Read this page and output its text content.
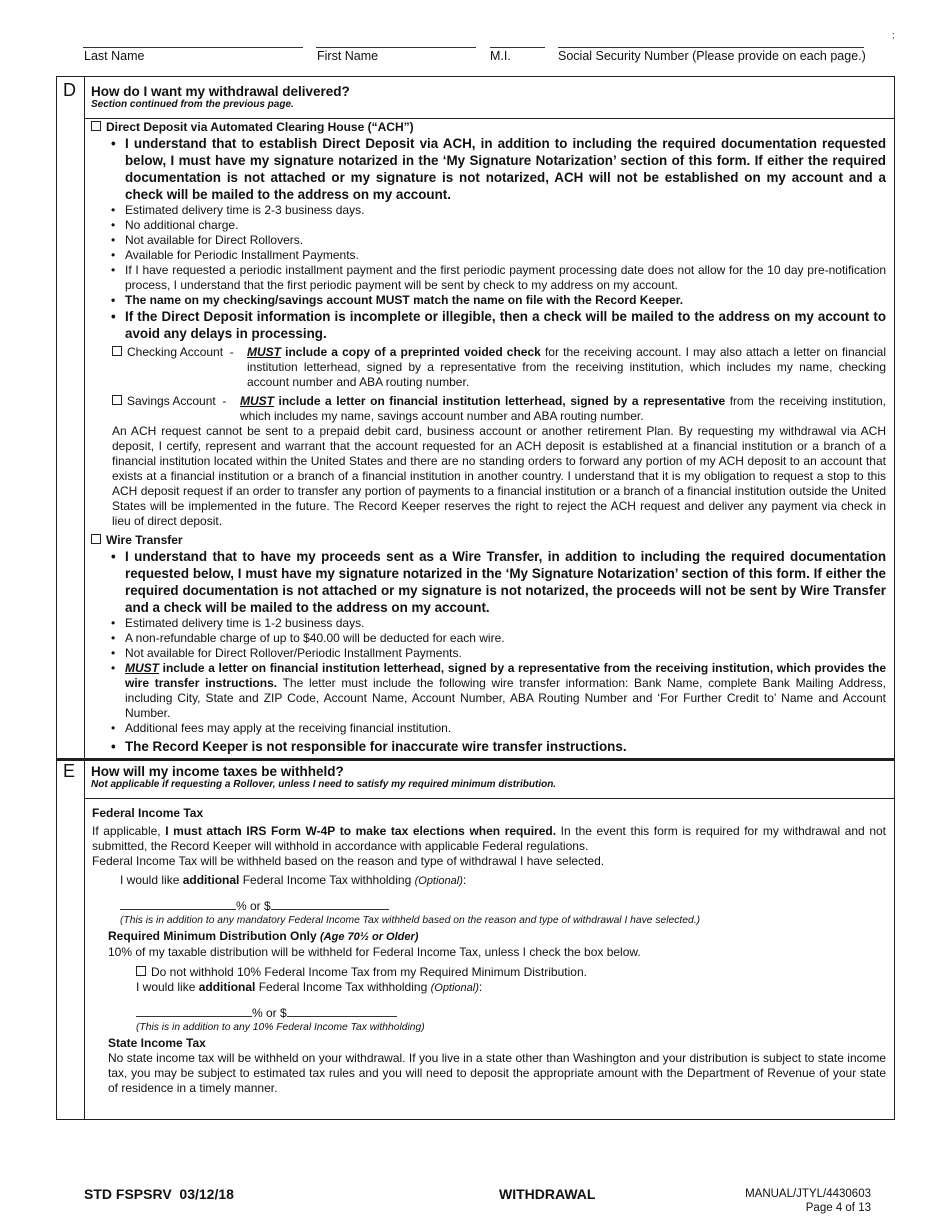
Last Name	First Name	M.I.	Social Security Number (Please provide on each page.)
;
D How do I want my withdrawal delivered?
Section continued from the previous page.
Direct Deposit via Automated Clearing House (“ACH”)
• I understand that to establish Direct Deposit via ACH, in addition to including the required documentation requested below, I must have my signature notarized in the ‘My Signature Notarization’ section of this form. If either the required documentation is not attached or my signature is not notarized, ACH will not be established on my account and a check will be mailed to the address on my account.
• Estimated delivery time is 2-3 business days.
• No additional charge.
• Not available for Direct Rollovers.
• Available for Periodic Installment Payments.
• If I have requested a periodic installment payment and the first periodic payment processing date does not allow for the 10 day pre-notification process, I understand that the first periodic payment will be sent by check to my address on my account.
• The name on my checking/savings account MUST match the name on file with the Record Keeper.
• If the Direct Deposit information is incomplete or illegible, then a check will be mailed to the address on my account to avoid any delays in processing.
Checking Account  - MUST include a copy of a preprinted voided check for the receiving account. I may also attach a letter on financial institution letterhead, signed by a representative from the receiving institution, which includes my name, checking account number and ABA routing number.
Savings Account  - MUST include a letter on financial institution letterhead, signed by a representative from the receiving institution, which includes my name, savings account number and ABA routing number.
An ACH request cannot be sent to a prepaid debit card, business account or another retirement Plan. By requesting my withdrawal via ACH deposit, I certify, represent and warrant that the account requested for an ACH deposit is established at a financial institution or a branch of a financial institution located within the United States and there are no standing orders to forward any portion of my ACH deposit to an account that exists at a financial institution or a branch of a financial institution in another country. I understand that it is my obligation to request a stop to this ACH deposit request if an order to transfer any portion of payments to a financial institution or a branch of a financial institution outside the United States will be implemented in the future. The Record Keeper reserves the right to reject the ACH request and deliver any payment via check in lieu of direct deposit.
Wire Transfer
• I understand that to have my proceeds sent as a Wire Transfer, in addition to including the required documentation requested below, I must have my signature notarized in the ‘My Signature Notarization’ section of this form. If either the required documentation is not attached or my signature is not notarized, the proceeds will not be sent by Wire Transfer and a check will be mailed to the address on my account.
• Estimated delivery time is 1-2 business days.
• A non-refundable charge of up to $40.00 will be deducted for each wire.
• Not available for Direct Rollover/Periodic Installment Payments.
• MUST include a letter on financial institution letterhead, signed by a representative from the receiving institution, which provides the wire transfer instructions. The letter must include the following wire transfer information: Bank Name, complete Bank Mailing Address, including City, State and ZIP Code, Account Name, Account Number, ABA Routing Number and ‘For Further Credit to’ Name and Account Number.
• Additional fees may apply at the receiving financial institution.
• The Record Keeper is not responsible for inaccurate wire transfer instructions.
E How will my income taxes be withheld?
Not applicable if requesting a Rollover, unless I need to satisfy my required minimum distribution.
Federal Income Tax
If applicable, I must attach IRS Form W-4P to make tax elections when required. In the event this form is required for my withdrawal and not submitted, the Record Keeper will withhold in accordance with applicable Federal regulations.
Federal Income Tax will be withheld based on the reason and type of withdrawal I have selected.
I would like additional Federal Income Tax withholding (Optional):
% or $
(This is in addition to any mandatory Federal Income Tax withheld based on the reason and type of withdrawal I have selected.)
Required Minimum Distribution Only (Age 70½ or Older)
10% of my taxable distribution will be withheld for Federal Income Tax, unless I check the box below.
Do not withhold 10% Federal Income Tax from my Required Minimum Distribution.
I would like additional Federal Income Tax withholding (Optional):
% or $
(This is in addition to any 10% Federal Income Tax withholding)
State Income Tax
No state income tax will be withheld on your withdrawal. If you live in a state other than Washington and your distribution is subject to state income tax, you may be subject to estimated tax rules and you will need to deposit the appropriate amount with the Department of Revenue of your state of residence in a timely manner.
STD FSPSRV  03/12/18	WITHDRAWAL	MANUAL/JTYL/4430603
Page 4 of 13
